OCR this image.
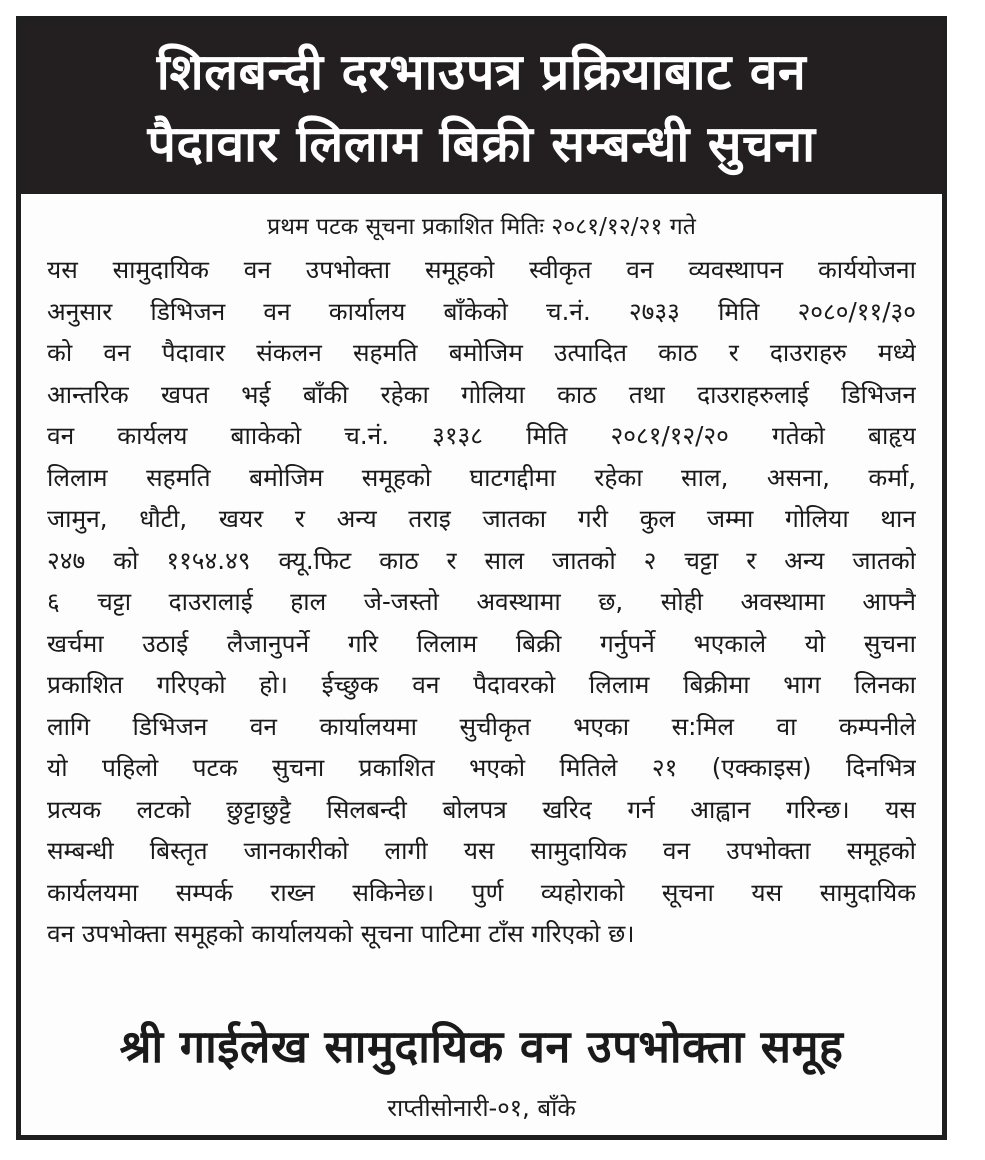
शिलबन्दी दरभाउपत्र प्रक्रियाबाट वन
पैदावार लिलाम बिक्री सम्बन्धी सुचना
प्रथम पटक सूचना प्रकाशित मितिः २०८१/१२/२१ गते
यस सामुदायिक वन उपभोक्ता समूहको स्वीकृत वन व्यवस्थापन कार्ययोजना
अनुसार डिभिजन वन कार्यालय बाँकेको च.नं. २७३३ मिति २०८०/११/३०
को वन पैदावार संकलन सहमति बमोजिम उत्पादित काठ र दाउराहरु मध्ये
आन्तरिक खपत भई बाँकी रहेका गोलिया काठ तथा दाउराहरुलाई डिभिजन
वन कार्यलय बााकेको च.नं. ३१३८ मिति २०८१/१२/२० गतेको बाहृय
लिलाम सहमति बमोजिम समूहको घाटगद्दीमा रहेका साल, असना, कर्मा,
जामुन, धौटी, खयर र अन्य तराइ जातका गरी कुल जम्मा गोलिया थान
२४७ को ११५४.४९ क्यू.फिट काठ र साल जातको २ चट्टा र अन्य जातको
६ चट्टा दाउरालाई हाल जे-जस्तो अवस्थामा छ, सोही अवस्थामा आफ्नै
खर्चमा उठाई लैजानुपर्ने गरि लिलाम बिक्री गर्नुपर्ने भएकाले यो सुचना
प्रकाशित गरिएको हो। ईच्छुक वन पैदावरको लिलाम बिक्रीमा भाग लिनका
लागि डिभिजन वन कार्यालयमा सुचीकृत भएका स:मिल वा कम्पनीले
यो पहिलो पटक सुचना प्रकाशित भएको मितिले २१ (एक्काइस) दिनभित्र
प्रत्यक लटको छुट्टाछुट्टै सिलबन्दी बोलपत्र खरिद गर्न आह्वान गरिन्छ। यस
सम्बन्धी बिस्तृत जानकारीको लागी यस सामुदायिक वन उपभोक्ता समूहको
कार्यलयमा सम्पर्क राख्न सकिनेछ। पुर्ण व्यहोराको सूचना यस सामुदायिक
वन उपभोक्ता समूहको कार्यालयको सूचना पाटिमा टाँस गरिएको छ।
श्री गाईलेख सामुदायिक वन उपभोक्ता समूह
राप्तीसोनारी-०१, बाँके
